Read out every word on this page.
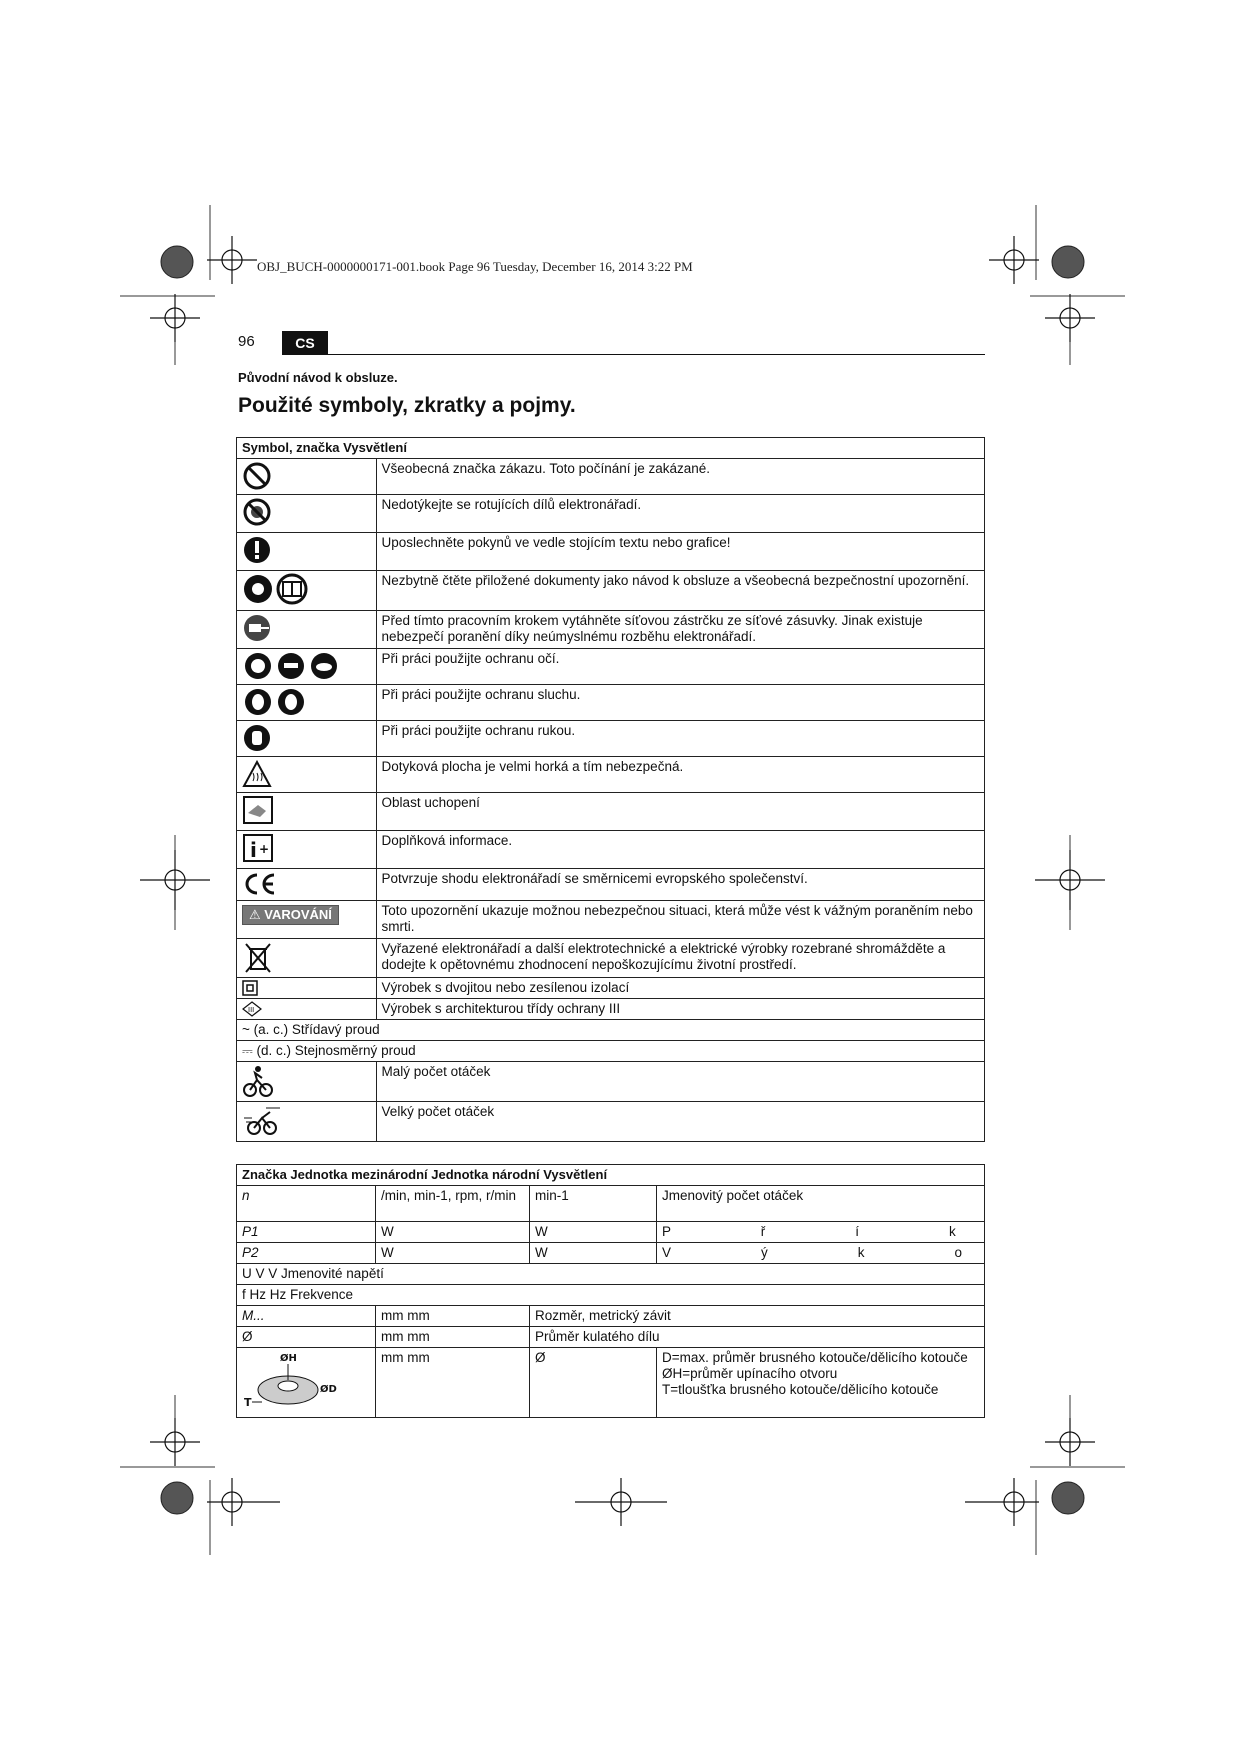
OBJ_BUCH-0000000171-001.book Page 96 Tuesday, December 16, 2014 3:22 PM
96	CS
Původní návod k obsluze.
Použité symboly, zkratky a pojmy.
Symbol, značka Vysvětlení	

	Všeobecná značka zákazu. Toto počínání je zakázané.

	Nedotýkejte se rotujících dílů elektronářadí.

	Uposlechněte pokynů ve vedle stojícím textu nebo grafice!

	Nezbytně čtěte přiložené dokumenty jako návod k obsluze a všeobecná bezpečnostní upozornění.

	Před tímto pracovním krokem vytáhněte síťovou zástrčku ze síťové zásuvky. Jinak existuje nebezpečí poranění díky neúmyslnému rozběhu elektronářadí.

	Při práci použijte ochranu očí.

	Při práci použijte ochranu sluchu.

	Při práci použijte ochranu rukou.

	Dotyková plocha je velmi horká a tím nebezpečná.

	Oblast uchopení

i +	Doplňková informace.

	Potvrzuje shodu elektronářadí se směrnicemi evropského společenství.
⚠ VAROVÁNÍ	Toto upozornění ukazuje možnou nebezpečnou situaci, která může vést k vážným poraněním nebo smrti.

	Vyřazené elektronářadí a další elektrotechnické a elektrické výrobky rozebrané shromážděte a dodejte k opětovnému zhodnocení nepoškozujícímu životní prostředí.

	Výrobek s dvojitou nebo zesílenou izolací

III	Výrobek s architekturou třídy ochrany III
~ (a. c.) Střídavý proud	
⎓ (d. c.) Stejnosměrný proud	

	Malý počet otáček

	Velký počet otáček
Značka Jednotka mezinárodní Jednotka národní Vysvětlení			
n	/min, min-1, rpm, r/min	min-1	Jmenovitý počet otáček
P1	W	W	P                        ř                        í                        k
P2	W	W	V                        ý                        k                        o
U V V Jmenovité napětí			
f Hz Hz Frekvence			
M...	mm mm	Rozměr, metrický závit	
Ø	mm mm	Průměr kulatého dílu	

ØH
ØD
T	mm mm	Ø	D=max. průměr brusného kotouče/dělicího kotouče
ØH=průměr upínacího otvoru
T=tloušťka brusného kotouče/dělicího kotouče
